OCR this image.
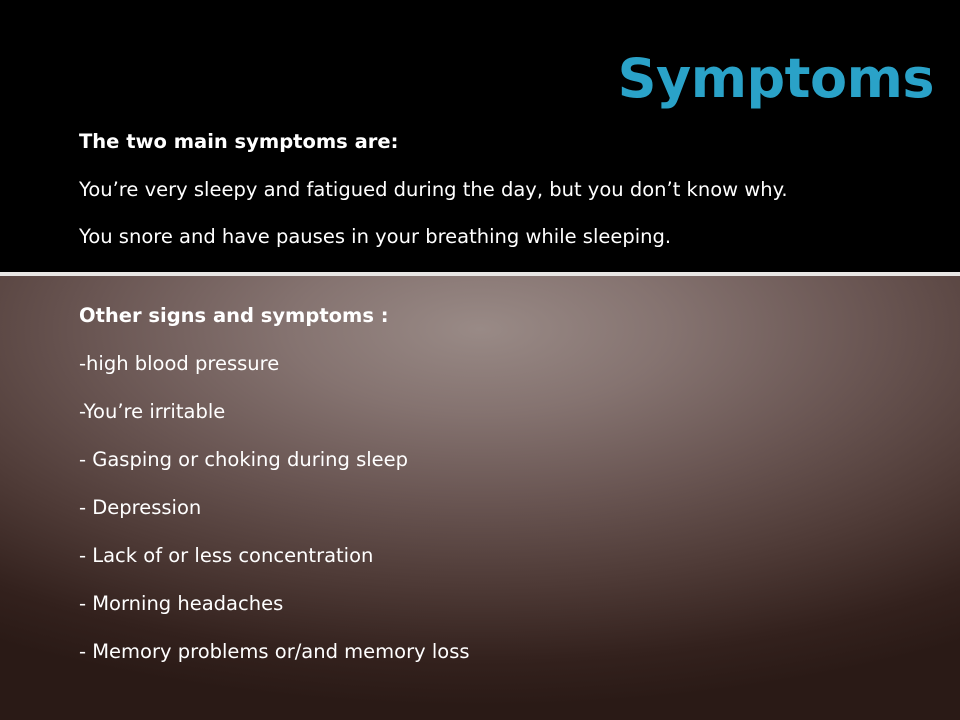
Symptoms

The two main symptoms are:

You’re very sleepy and fatigued during the day, but you don’t know why.

You snore and have pauses in your breathing while sleeping.

Other signs and symptoms :

-high blood pressure

-You’re irritable

- Gasping or choking during sleep

- Depression

- Lack of or less concentration

- Morning headaches

- Memory problems or/and memory loss
